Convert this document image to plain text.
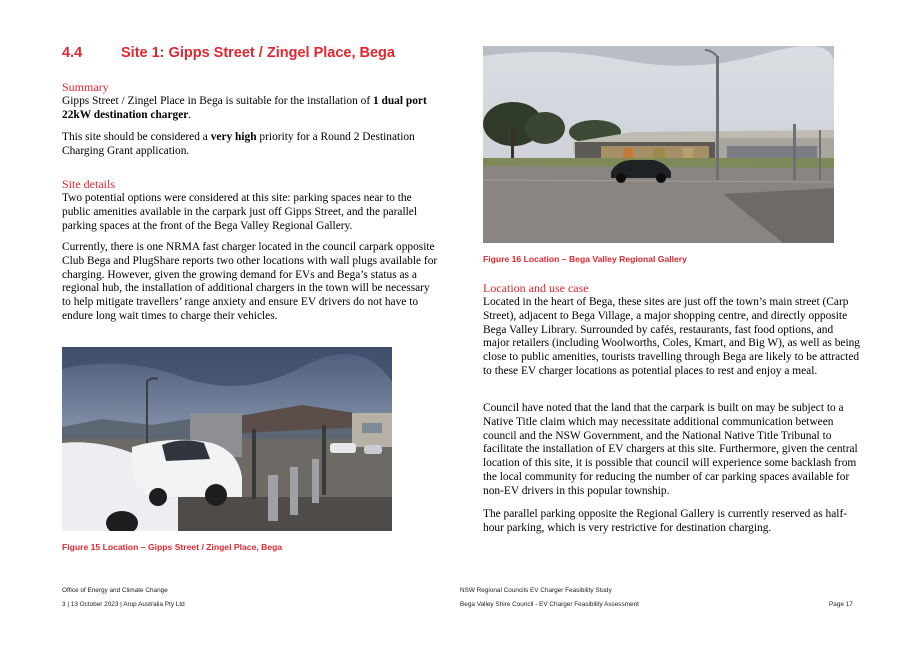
4.4	Site 1: Gipps Street / Zingel Place, Bega
Summary

Gipps Street / Zingel Place in Bega is suitable for the installation of 1 dual port 22kW destination charger.

This site should be considered a very high priority for a Round 2 Destination Charging Grant application.

Site details

Two potential options were considered at this site: parking spaces near to the public amenities available in the carpark just off Gipps Street, and the parallel parking spaces at the front of the Bega Valley Regional Gallery.

Currently, there is one NRMA fast charger located in the council carpark opposite Club Bega and PlugShare reports two other locations with wall plugs available for charging. However, given the growing demand for EVs and Bega’s status as a regional hub, the installation of additional chargers in the town will be necessary to help mitigate travellers’ range anxiety and ensure EV drivers do not have to endure long wait times to charge their vehicles.

Figure 15 Location – Gipps Street / Zingel Place, Bega
Figure 16 Location – Bega Valley Regional Gallery
Location and use case

Located in the heart of Bega, these sites are just off the town’s main street (Carp Street), adjacent to Bega Village, a major shopping centre, and directly opposite Bega Valley Library. Surrounded by cafés, restaurants, fast food options, and major retailers (including Woolworths, Coles, Kmart, and Big W), as well as being close to public amenities, tourists travelling through Bega are likely to be attracted to these EV charger locations as potential places to rest and enjoy a meal.

Council have noted that the land that the carpark is built on may be subject to a Native Title claim which may necessitate additional communication between council and the NSW Government, and the National Native Title Tribunal to facilitate the installation of EV chargers at this site. Furthermore, given the central location of this site, it is possible that council will experience some backlash from the local community for reducing the number of car parking spaces available for non-EV drivers in this popular township.

The parallel parking opposite the Regional Gallery is currently reserved as half-hour parking, which is very restrictive for destination charging.

Office of Energy and Climate Change
3 | 13 October 2023 | Arup Australia Pty Ltd
NSW Regional Councils EV Charger Feasibility Study
Bega Valley Shire Council - EV Charger Feasibility Assessment	Page 17
